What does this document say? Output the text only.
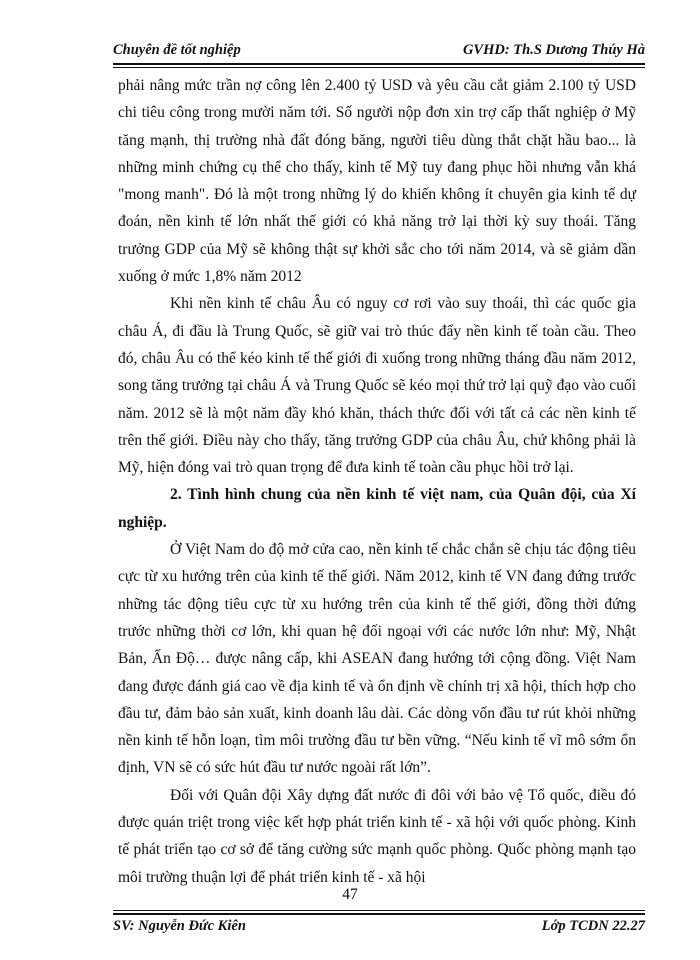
Chuyên đề tốt nghiệp	GVHD: Th.S Dương Thúy Hà

phải nâng mức trần nợ công lên 2.400 tỷ USD và yêu cầu cắt giảm 2.100 tỷ USD chi tiêu công trong mười năm tới. Số người nộp đơn xin trợ cấp thất nghiệp ở Mỹ tăng mạnh, thị trường nhà đất đóng băng, người tiêu dùng thắt chặt hầu bao... là những minh chứng cụ thể cho thấy, kinh tế Mỹ tuy đang phục hồi nhưng vẫn khá "mong manh". Đó là một trong những lý do khiến không ít chuyên gia kinh tế dự đoán, nền kinh tế lớn nhất thế giới có khả năng trở lại thời kỳ suy thoái. Tăng trưởng GDP của Mỹ sẽ không thật sự khởi sắc cho tới năm 2014, và sẽ giảm dần xuống ở mức 1,8% năm 2012

Khi nền kinh tế châu Âu có nguy cơ rơi vào suy thoái, thì các quốc gia châu Á, đi đầu là Trung Quốc, sẽ giữ vai trò thúc đẩy nền kinh tế toàn cầu. Theo đó, châu Âu có thể kéo kinh tế thế giới đi xuống trong những tháng đầu năm 2012, song tăng trưởng tại châu Á và Trung Quốc sẽ kéo mọi thứ trở lại quỹ đạo vào cuối năm. 2012 sẽ là một năm đầy khó khăn, thách thức đối với tất cả các nền kinh tế trên thế giới. Điều này cho thấy, tăng trưởng GDP của châu Âu, chứ không phải là Mỹ, hiện đóng vai trò quan trọng để đưa kinh tế toàn cầu phục hồi trở lại.

2. Tình hình chung của nền kinh tế việt nam, của Quân đội, của Xí nghiệp.

Ở Việt Nam do độ mở cửa cao, nền kinh tế chắc chắn sẽ chịu tác động tiêu cực từ xu hướng trên của kinh tế thế giới. Năm 2012, kinh tế VN đang đứng trước những tác động tiêu cực từ xu hướng trên của kinh tế thế giới, đồng thời đứng trước những thời cơ lớn, khi quan hệ đối ngoại với các nước lớn như: Mỹ, Nhật Bản, Ấn Độ… được nâng cấp, khi ASEAN đang hướng tới cộng đồng. Việt Nam đang được đánh giá cao về địa kinh tế và ổn định về chính trị xã hội, thích hợp cho đầu tư, đảm bảo sản xuất, kinh doanh lâu dài. Các dòng vốn đầu tư rút khỏi những nền kinh tế hỗn loạn, tìm môi trường đầu tư bền vững. “Nếu kinh tế vĩ mô sớm ổn định, VN sẽ có sức hút đầu tư nước ngoài rất lớn”.

Đối với Quân đội Xây dựng đất nước đi đôi với bảo vệ Tổ quốc, điều đó được quán triệt trong việc kết hợp phát triển kinh tế - xã hội với quốc phòng. Kinh tế phát triển tạo cơ sở để tăng cường sức mạnh quốc phòng. Quốc phòng mạnh tạo môi trường thuận lợi để phát triển kinh tế - xã hội

47
SV: Nguyễn Đức Kiên	Lớp TCDN 22.27
